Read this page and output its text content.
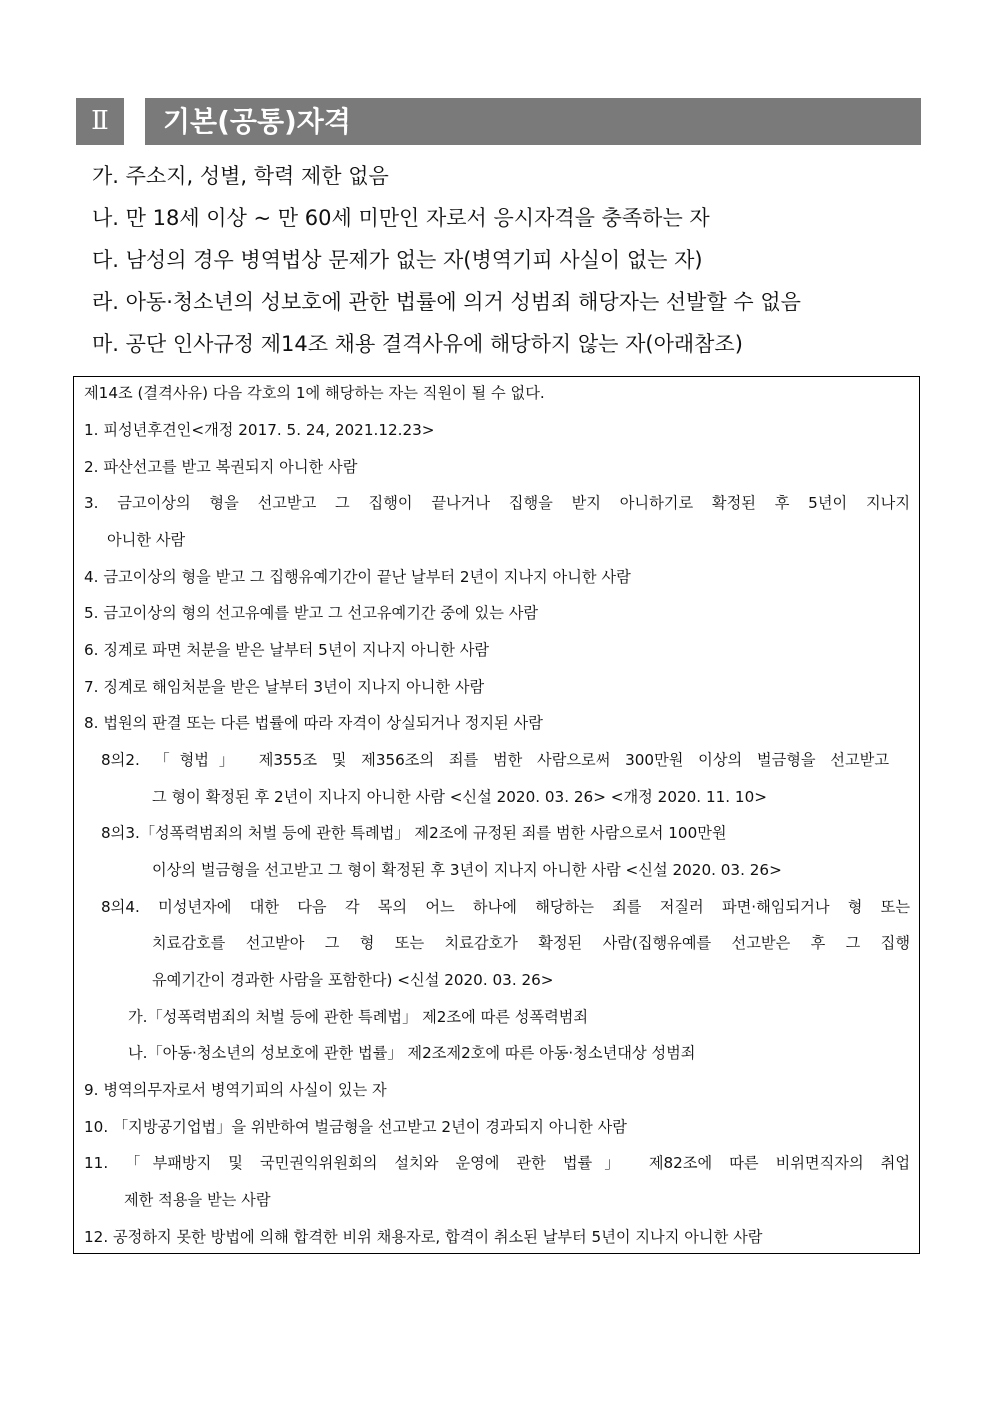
Ⅱ	기본(공통)자격
가. 주소지, 성별, 학력 제한 없음
나. 만 18세 이상 ~ 만 60세 미만인 자로서 응시자격을 충족하는 자
다. 남성의 경우 병역법상 문제가 없는 자(병역기피 사실이 없는 자)
라. 아동·청소년의 성보호에 관한 법률에 의거 성범죄 해당자는 선발할 수 없음
마. 공단 인사규정 제14조 채용 결격사유에 해당하지 않는 자(아래참조)
제14조 (결격사유) 다음 각호의 1에 해당하는 자는 직원이 될 수 없다.
1. 피성년후견인<개정 2017. 5. 24, 2021.12.23>
2. 파산선고를 받고 복권되지 아니한 사람
3. 금고이상의 형을 선고받고 그 집행이 끝나거나 집행을 받지 아니하기로 확정된 후 5년이 지나지
아니한 사람
4. 금고이상의 형을 받고 그 집행유예기간이 끝난 날부터 2년이 지나지 아니한 사람
5. 금고이상의 형의 선고유예를 받고 그 선고유예기간 중에 있는 사람
6. 징계로 파면 처분을 받은 날부터 5년이 지나지 아니한 사람
7. 징계로 해임처분을 받은 날부터 3년이 지나지 아니한 사람
8. 법원의 판결 또는 다른 법률에 따라 자격이 상실되거나 정지된 사람
8의2. 「형법」 제355조 및 제356조의 죄를 범한 사람으로써 300만원 이상의 벌금형을 선고받고
그 형이 확정된 후 2년이 지나지 아니한 사람 <신설 2020. 03. 26> <개정 2020. 11. 10>
8의3.「성폭력범죄의 처벌 등에 관한 특례법」 제2조에 규정된 죄를 범한 사람으로서 100만원
이상의 벌금형을 선고받고 그 형이 확정된 후 3년이 지나지 아니한 사람 <신설 2020. 03. 26>
8의4. 미성년자에 대한 다음 각 목의 어느 하나에 해당하는 죄를 저질러 파면·해임되거나 형 또는
치료감호를 선고받아 그 형 또는 치료감호가 확정된 사람(집행유예를 선고받은 후 그 집행
유예기간이 경과한 사람을 포함한다) <신설 2020. 03. 26>
가.「성폭력범죄의 처벌 등에 관한 특례법」 제2조에 따른 성폭력범죄
나.「아동·청소년의 성보호에 관한 법률」 제2조제2호에 따른 아동·청소년대상 성범죄
9. 병역의무자로서 병역기피의 사실이 있는 자
10. 「지방공기업법」을 위반하여 벌금형을 선고받고 2년이 경과되지 아니한 사람
11. 「부패방지 및 국민권익위원회의 설치와 운영에 관한 법률」 제82조에 따른 비위면직자의 취업
제한 적용을 받는 사람
12. 공정하지 못한 방법에 의해 합격한 비위 채용자로, 합격이 취소된 날부터 5년이 지나지 아니한 사람
